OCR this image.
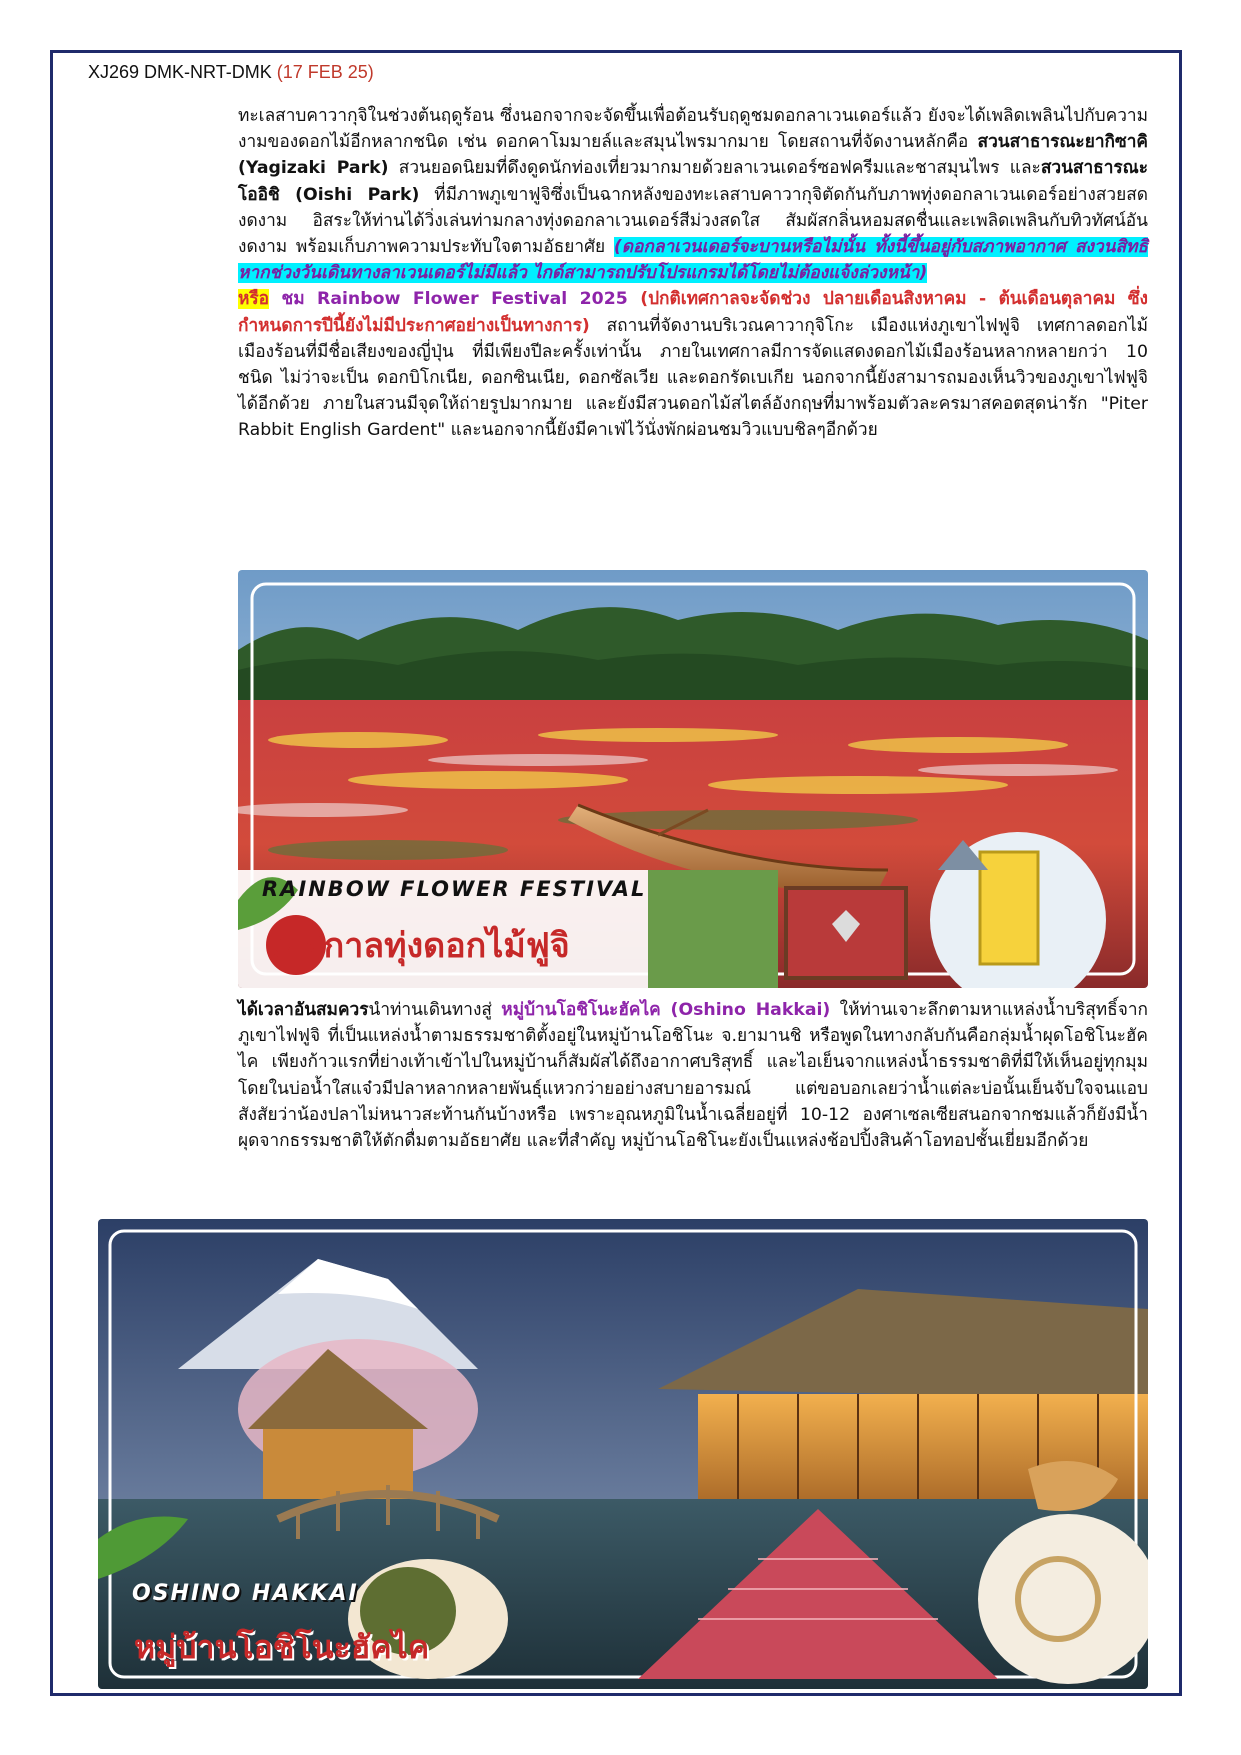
XJ269 DMK-NRT-DMK (17 FEB 25)
ทะเลสาบคาวากุจิในช่วงต้นฤดูร้อน ซึ่งนอกจากจะจัดขึ้นเพื่อต้อนรับฤดูชมดอกลาเวนเดอร์แล้ว ยังจะได้เพลิดเพลินไปกับความงามของดอกไม้อีกหลากชนิด เช่น ดอกคาโมมายล์และสมุนไพรมากมาย โดยสถานที่จัดงานหลักคือ สวนสาธารณะยากิซาคิ (Yagizaki Park) สวนยอดนิยมที่ดึงดูดนักท่องเที่ยวมากมายด้วยลาเวนเดอร์ซอฟครีมและชาสมุนไพร และสวนสาธารณะโออิชิ (Oishi Park) ที่มีภาพภูเขาฟูจิซึ่งเป็นฉากหลังของทะเลสาบคาวากุจิตัดกันกับภาพทุ่งดอกลาเวนเดอร์อย่างสวยสดงดงาม อิสระให้ท่านได้วิ่งเล่นท่ามกลางทุ่งดอกลาเวนเดอร์สีม่วงสดใส สัมผัสกลิ่นหอมสดชื่นและเพลิดเพลินกับทิวทัศน์อันงดงาม พร้อมเก็บภาพความประทับใจตามอัธยาศัย (ดอกลาเวนเดอร์จะบานหรือไม่นั้น ทั้งนี้ขึ้นอยู่กับสภาพอากาศ สงวนสิทธิหากช่วงวันเดินทางลาเวนเดอร์ไม่มีแล้ว ไกด์สามารถปรับโปรแกรมได้โดยไม่ต้องแจ้งล่วงหน้า)
หรือ ชม Rainbow Flower Festival 2025 (ปกติเทศกาลจะจัดช่วง ปลายเดือนสิงหาคม - ต้นเดือนตุลาคม ซึ่งกำหนดการปีนี้ยังไม่มีประกาศอย่างเป็นทางการ) สถานที่จัดงานบริเวณคาวากุจิโกะ เมืองแห่งภูเขาไฟฟูจิ เทศกาลดอกไม้เมืองร้อนที่มีชื่อเสียงของญี่ปุ่น ที่มีเพียงปีละครั้งเท่านั้น ภายในเทศกาลมีการจัดแสดงดอกไม้เมืองร้อนหลากหลายกว่า 10 ชนิด ไม่ว่าจะเป็น ดอกบิโกเนีย, ดอกซินเนีย, ดอกซัลเวีย และดอกรัดเบเกีย นอกจากนี้ยังสามารถมองเห็นวิวของภูเขาไฟฟูจิได้อีกด้วย ภายในสวนมีจุดให้ถ่ายรูปมากมาย และยังมีสวนดอกไม้สไตล์อังกฤษที่มาพร้อมตัวละครมาสคอตสุดน่ารัก "Piter Rabbit English Gardent" และนอกจากนี้ยังมีคาเฟ่ไว้นั่งพักผ่อนชมวิวแบบชิลๆอีกด้วย
RAINBOW FLOWER FESTIVAL
เทศกาลทุ่งดอกไม้ฟูจิ
ได้เวลาอันสมควรนำท่านเดินทางสู่ หมู่บ้านโอชิโนะฮัคไค (Oshino Hakkai) ให้ท่านเจาะลึกตามหาแหล่งน้ำบริสุทธิ์จากภูเขาไฟฟูจิ ที่เป็นแหล่งน้ำตามธรรมชาติตั้งอยู่ในหมู่บ้านโอชิโนะ จ.ยามานชิ หรือพูดในทางกลับกันคือกลุ่มน้ำผุดโอชิโนะฮัคไค เพียงก้าวแรกที่ย่างเท้าเข้าไปในหมู่บ้านก็สัมผัสได้ถึงอากาศบริสุทธิ์ และไอเย็นจากแหล่งน้ำธรรมชาติที่มีให้เห็นอยู่ทุกมุม โดยในบ่อน้ำใสแจ๋วมีปลาหลากหลายพันธุ์แหวกว่ายอย่างสบายอารมณ์ แต่ขอบอกเลยว่าน้ำแต่ละบ่อนั้นเย็นจับใจจนแอบสังสัยว่าน้องปลาไม่หนาวสะท้านกันบ้างหรือ เพราะอุณหภูมิในน้ำเฉลี่ยอยู่ที่ 10-12 องศาเซลเซียสนอกจากชมแล้วก็ยังมีน้ำผุดจากธรรมชาติให้ตักดื่มตามอัธยาศัย และที่สำคัญ หมู่บ้านโอชิโนะยังเป็นแหล่งช้อปปิ้งสินค้าโอทอปชั้นเยี่ยมอีกด้วย
OSHINO HAKKAI
หมู่บ้านโอชิโนะฮัคไค
